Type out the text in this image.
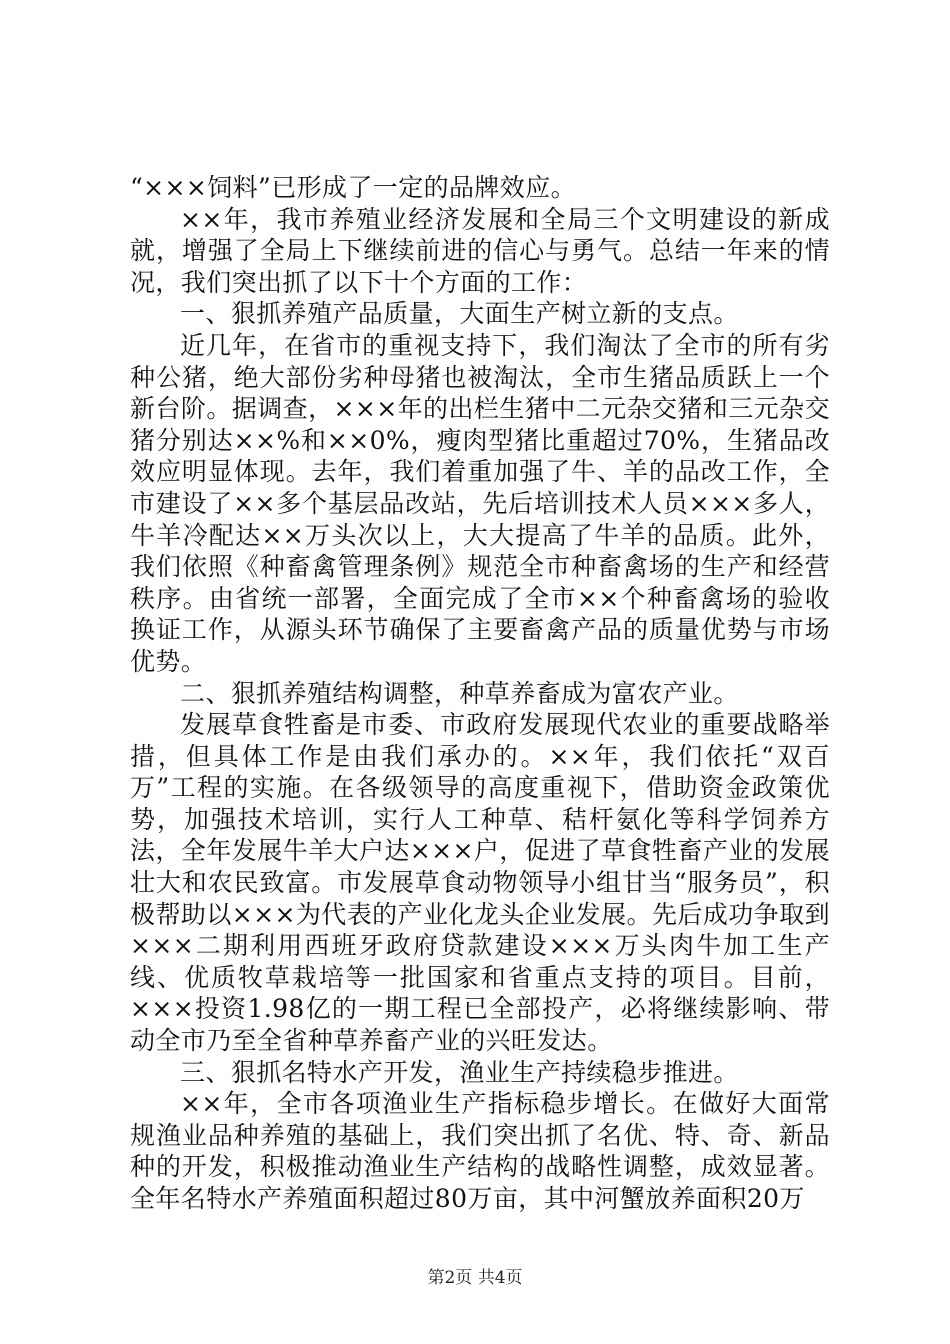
“×××饲料”已形成了一定的品牌效应。

××年，我市养殖业经济发展和全局三个文明建设的新成就，增强了全局上下继续前进的信心与勇气。总结一年来的情况，我们突出抓了以下十个方面的工作：

一、狠抓养殖产品质量，大面生产树立新的支点。

近几年，在省市的重视支持下，我们淘汰了全市的所有劣种公猪，绝大部份劣种母猪也被淘汰，全市生猪品质跃上一个新台阶。据调查，×××年的出栏生猪中二元杂交猪和三元杂交猪分别达××%和××0%，瘦肉型猪比重超过70%，生猪品改效应明显体现。去年，我们着重加强了牛、羊的品改工作，全市建设了××多个基层品改站，先后培训技术人员×××多人，牛羊冷配达××万头次以上，大大提高了牛羊的品质。此外，我们依照《种畜禽管理条例》规范全市种畜禽场的生产和经营秩序。由省统一部署，全面完成了全市××个种畜禽场的验收换证工作，从源头环节确保了主要畜禽产品的质量优势与市场优势。

二、狠抓养殖结构调整，种草养畜成为富农产业。

发展草食牲畜是市委、市政府发展现代农业的重要战略举措，但具体工作是由我们承办的。××年，我们依托“双百万”工程的实施。在各级领导的高度重视下，借助资金政策优势，加强技术培训，实行人工种草、秸杆氨化等科学饲养方法，全年发展牛羊大户达×××户，促进了草食牲畜产业的发展壮大和农民致富。市发展草食动物领导小组甘当“服务员”，积极帮助以×××为代表的产业化龙头企业发展。先后成功争取到×××二期利用西班牙政府贷款建设×××万头肉牛加工生产线、优质牧草栽培等一批国家和省重点支持的项目。目前，×××投资1.98亿的一期工程已全部投产，必将继续影响、带动全市乃至全省种草养畜产业的兴旺发达。

三、狠抓名特水产开发，渔业生产持续稳步推进。

××年，全市各项渔业生产指标稳步增长。在做好大面常规渔业品种养殖的基础上，我们突出抓了名优、特、奇、新品种的开发，积极推动渔业生产结构的战略性调整，成效显著。全年名特水产养殖面积超过80万亩，其中河蟹放养面积20万

第2页 共4页
